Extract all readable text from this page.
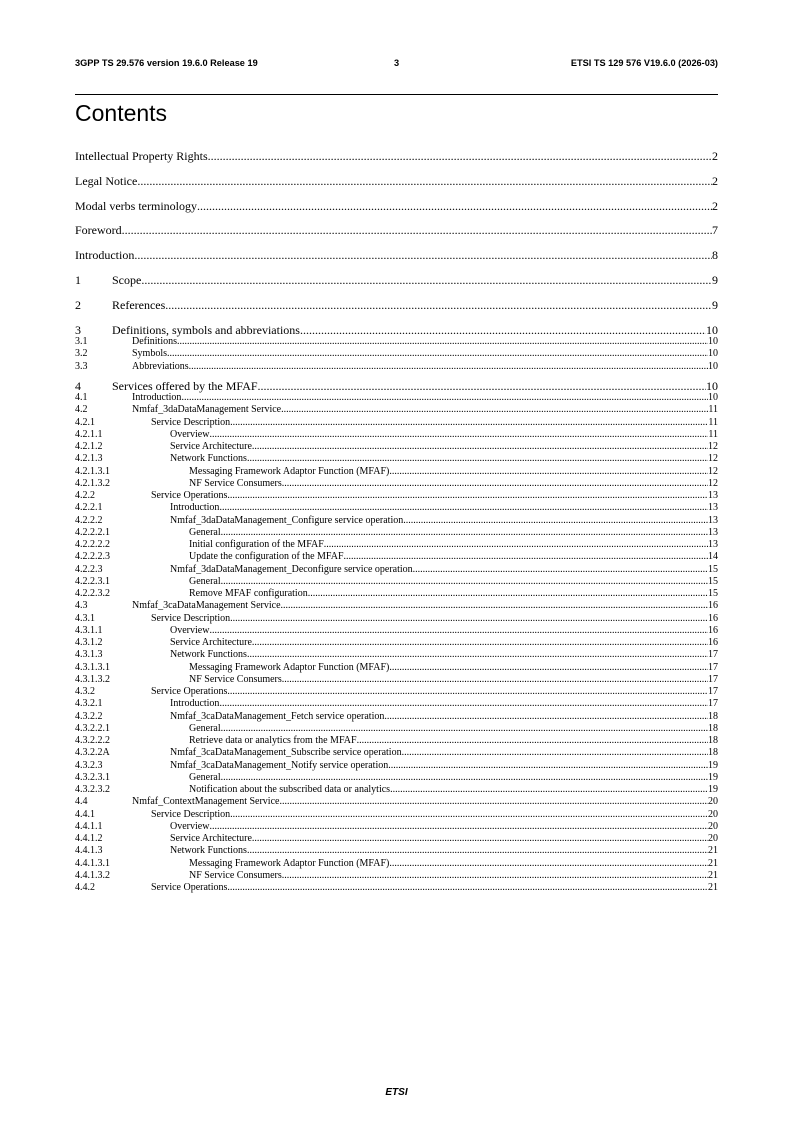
3GPP TS 29.576 version 19.6.0 Release 19	3	ETSI TS 129 576 V19.6.0 (2026-03)
Contents
Intellectual Property Rights .....	2
Legal Notice .....	2
Modal verbs terminology .....	2
Foreword .....	7
Introduction .....	8
1	Scope .....	9
2	References .....	9
3	Definitions, symbols and abbreviations .....	10
3.1	Definitions .....	10
3.2	Symbols .....	10
3.3	Abbreviations .....	10
4	Services offered by the MFAF .....	10
4.1	Introduction .....	10
4.2	Nmfaf_3daDataManagement Service .....	11
4.2.1	Service Description .....	11
4.2.1.1	Overview .....	11
4.2.1.2	Service Architecture .....	12
4.2.1.3	Network Functions .....	12
4.2.1.3.1	Messaging Framework Adaptor Function (MFAF) .....	12
4.2.1.3.2	NF Service Consumers .....	12
4.2.2	Service Operations .....	13
4.2.2.1	Introduction .....	13
4.2.2.2	Nmfaf_3daDataManagement_Configure service operation .....	13
4.2.2.2.1	General .....	13
4.2.2.2.2	Initial configuration of the MFAF .....	13
4.2.2.2.3	Update the configuration of the MFAF .....	14
4.2.2.3	Nmfaf_3daDataManagement_Deconfigure service operation .....	15
4.2.2.3.1	General .....	15
4.2.2.3.2	Remove MFAF configuration .....	15
4.3	Nmfaf_3caDataManagement Service .....	16
4.3.1	Service Description .....	16
4.3.1.1	Overview .....	16
4.3.1.2	Service Architecture .....	16
4.3.1.3	Network Functions .....	17
4.3.1.3.1	Messaging Framework Adaptor Function (MFAF) .....	17
4.3.1.3.2	NF Service Consumers .....	17
4.3.2	Service Operations .....	17
4.3.2.1	Introduction .....	17
4.3.2.2	Nmfaf_3caDataManagement_Fetch service operation .....	18
4.3.2.2.1	General .....	18
4.3.2.2.2	Retrieve data or analytics from the MFAF .....	18
4.3.2.2A	Nmfaf_3caDataManagement_Subscribe service operation .....	18
4.3.2.3	Nmfaf_3caDataManagement_Notify service operation .....	19
4.3.2.3.1	General .....	19
4.3.2.3.2	Notification about the subscribed data or analytics .....	19
4.4	Nmfaf_ContextManagement Service .....	20
4.4.1	Service Description .....	20
4.4.1.1	Overview .....	20
4.4.1.2	Service Architecture .....	20
4.4.1.3	Network Functions .....	21
4.4.1.3.1	Messaging Framework Adaptor Function (MFAF) .....	21
4.4.1.3.2	NF Service Consumers .....	21
4.4.2	Service Operations .....	21
ETSI
